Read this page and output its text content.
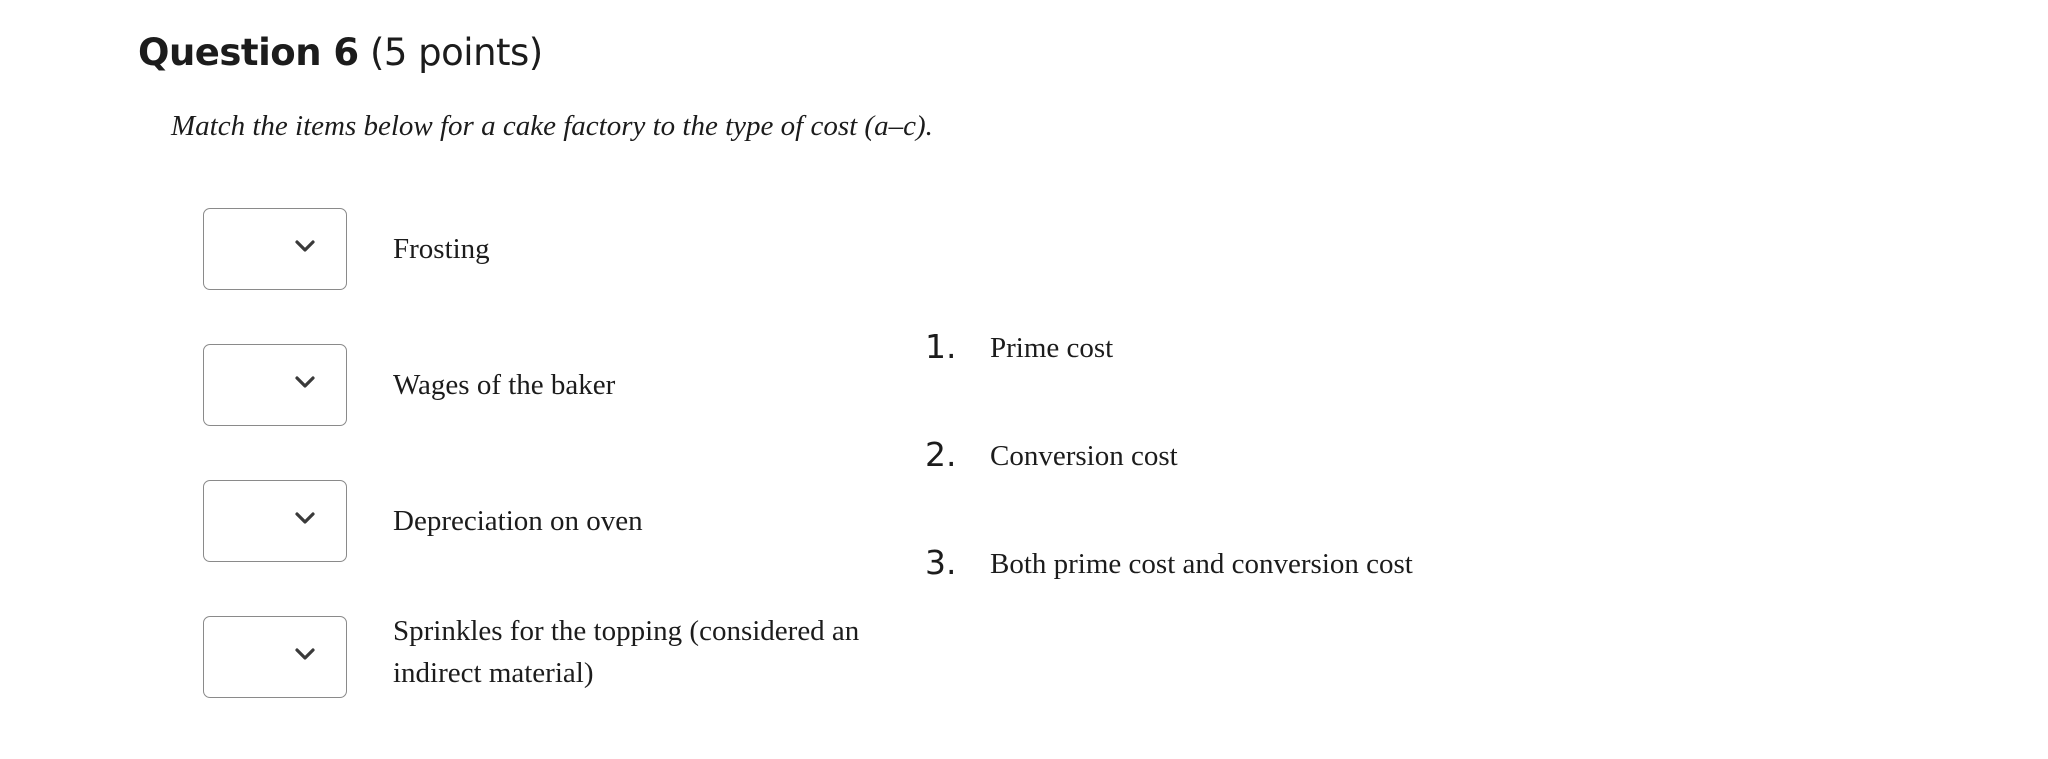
Question 6 (5 points)
Match the items below for a cake factory to the type of cost (a–c).
Frosting
Wages of the baker
Depreciation on oven
Sprinkles for the topping (considered an indirect material)
1. Prime cost
2. Conversion cost
3. Both prime cost and conversion cost
